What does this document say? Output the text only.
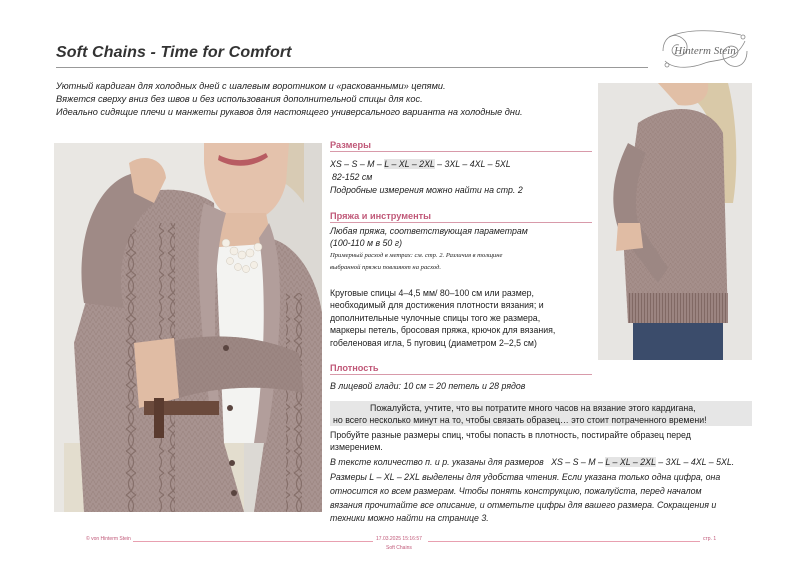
Soft Chains - Time for Comfort	Hinterm Stein
Уютный кардиган для холодных дней с шалевым воротником и «раскованными» цепями.
Вяжется сверху вниз без швов и без использования дополнительной спицы для кос.
Идеально сидящие плечи и манжеты рукавов для настоящего универсального варианта на холодные дни.
Размеры
XS – S – M – L – XL – 2XL – 3XL – 4XL – 5XL
82-152 см
Подробные измерения можно найти на стр. 2
Пряжа и инструменты
Любая пряжа, соответствующая параметрам
(100-110 м в 50 г)
Примерный расход в метрах: см. стр. 2. Различия в толщине
выбранной пряжи повлияют на расход.
Круговые спицы 4–4,5 мм/ 80–100 см или размер,
необходимый для достижения плотности вязания; и
дополнительные чулочные спицы того же размера,
маркеры петель, бросовая пряжа, крючок для вязания,
гобеленовая игла, 5 пуговиц (диаметром 2–2,5 см)
Плотность
В лицевой глади: 10 см = 20 петель и 28 рядов
Пожалуйста, учтите, что вы потратите много часов на вязание этого кардигана,
но всего несколько минут на то, чтобы связать образец… это стоит потраченного времени!
Пробуйте разные размеры спиц, чтобы попасть в плотность, постирайте образец перед
измерением.
В тексте количество п. и р. указаны для размеров XS – S – M – L – XL – 2XL – 3XL – 4XL – 5XL.
Размеры L – XL – 2XL выделены для удобства чтения. Если указана только одна цифра, она
относится ко всем размерам. Чтобы понять конструкцию, пожалуйста, перед началом
вязания прочитайте все описание, и отметьте цифры для вашего размера. Сокращения и
техники можно найти на странице 3.
© von Hinterm Stein	17.03.2025 15:16:57	стр. 1
Soft Chains
